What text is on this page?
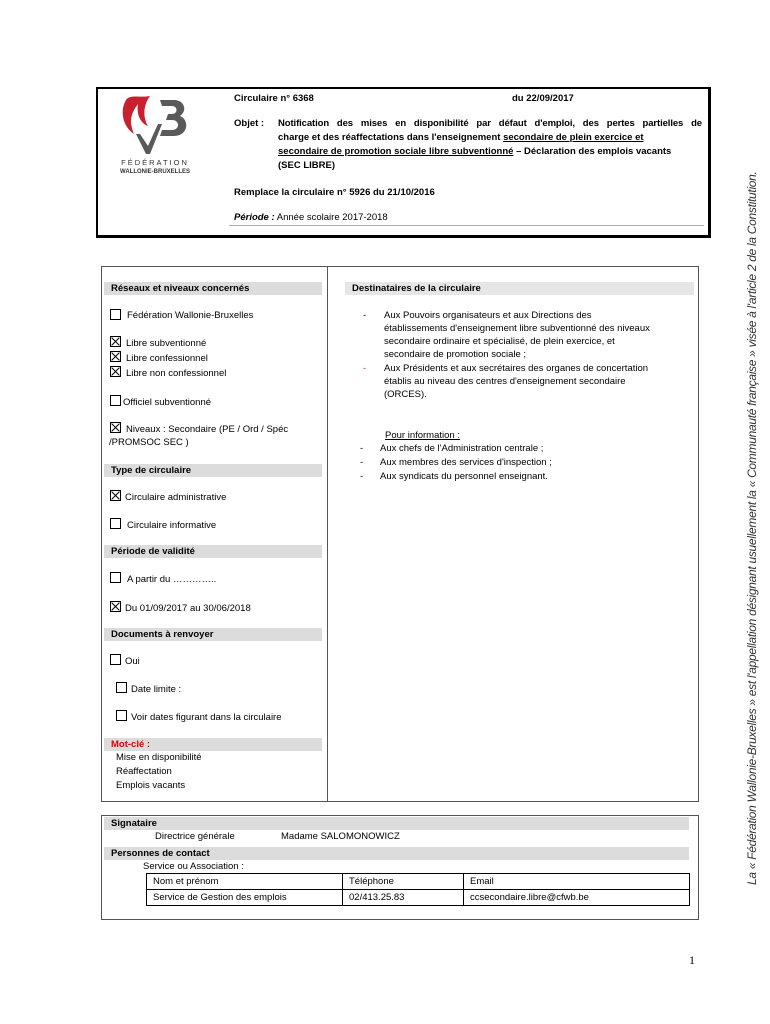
FÉDÉRATION
WALLONIE-BRUXELLES
Circulaire n° 6368	du 22/09/2017
Objet : Notification des mises en disponibilité par défaut d'emploi, des pertes partielles de
charge et des réaffectations dans l'enseignement secondaire de plein exercice et
secondaire de promotion sociale libre subventionné – Déclaration des emplois vacants
(SEC LIBRE)
Remplace la circulaire n° 5926 du 21/10/2016
Période : Année scolaire 2017-2018
Réseaux et niveaux concernés
Fédération Wallonie-Bruxelles
Libre subventionné
Libre confessionnel
Libre non confessionnel
Officiel subventionné
Niveaux : Secondaire (PE / Ord / Spéc
/PROMSOC SEC )
Type de circulaire
Circulaire administrative
Circulaire informative
Période de validité
A partir du …………..
Du 01/09/2017 au 30/06/2018
Documents à renvoyer
Oui
Date limite :
Voir dates figurant dans la circulaire
Mot-clé :
Mise en disponibilité
Réaffectation
Emplois vacants
Destinataires de la circulaire
- Aux Pouvoirs organisateurs et aux Directions des
établissements d'enseignement libre subventionné des niveaux
secondaire ordinaire et spécialisé, de plein exercice, et
secondaire de promotion sociale ;
- Aux Présidents et aux secrétaires des organes de concertation
établis au niveau des centres d'enseignement secondaire
(ORCES).
Pour information :
- Aux chefs de l'Administration centrale ;
- Aux membres des services d'inspection ;
- Aux syndicats du personnel enseignant.
Signataire
Directrice générale	Madame SALOMONOWICZ
Personnes de contact
Service ou Association :
Nom et prénom	Téléphone	Email
Service de Gestion des emplois	02/413.25.83	ccsecondaire.libre@cfwb.be
La « Fédération Wallonie-Bruxelles » est l'appellation désignant usuellement la « Communauté française » visée à l'article 2 de la Constitution.
1
